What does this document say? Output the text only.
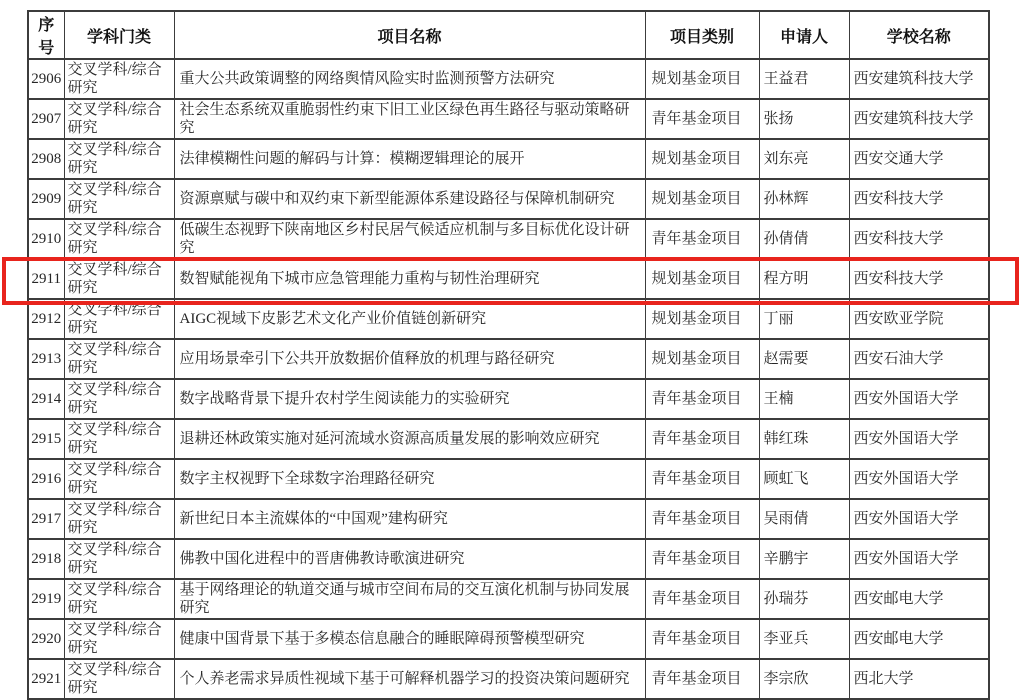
序号	学科门类	项目名称	项目类别	申请人	学校名称
2906	交叉学科/综合研究	重大公共政策调整的网络舆情风险实时监测预警方法研究	规划基金项目	王益君	西安建筑科技大学
2907	交叉学科/综合研究	社会生态系统双重脆弱性约束下旧工业区绿色再生路径与驱动策略研究	青年基金项目	张扬	西安建筑科技大学
2908	交叉学科/综合研究	法律模糊性问题的解码与计算：模糊逻辑理论的展开	规划基金项目	刘东亮	西安交通大学
2909	交叉学科/综合研究	资源禀赋与碳中和双约束下新型能源体系建设路径与保障机制研究	规划基金项目	孙林辉	西安科技大学
2910	交叉学科/综合研究	低碳生态视野下陕南地区乡村民居气候适应机制与多目标优化设计研究	青年基金项目	孙倩倩	西安科技大学
2911	交叉学科/综合研究	数智赋能视角下城市应急管理能力重构与韧性治理研究	规划基金项目	程方明	西安科技大学
2912	交叉学科/综合研究	AIGC视域下皮影艺术文化产业价值链创新研究	规划基金项目	丁丽	西安欧亚学院
2913	交叉学科/综合研究	应用场景牵引下公共开放数据价值释放的机理与路径研究	规划基金项目	赵需要	西安石油大学
2914	交叉学科/综合研究	数字战略背景下提升农村学生阅读能力的实验研究	青年基金项目	王楠	西安外国语大学
2915	交叉学科/综合研究	退耕还林政策实施对延河流域水资源高质量发展的影响效应研究	青年基金项目	韩红珠	西安外国语大学
2916	交叉学科/综合研究	数字主权视野下全球数字治理路径研究	青年基金项目	顾虹飞	西安外国语大学
2917	交叉学科/综合研究	新世纪日本主流媒体的“中国观”建构研究	青年基金项目	吴雨倩	西安外国语大学
2918	交叉学科/综合研究	佛教中国化进程中的晋唐佛教诗歌演进研究	青年基金项目	辛鹏宇	西安外国语大学
2919	交叉学科/综合研究	基于网络理论的轨道交通与城市空间布局的交互演化机制与协同发展研究	青年基金项目	孙瑞芬	西安邮电大学
2920	交叉学科/综合研究	健康中国背景下基于多模态信息融合的睡眠障碍预警模型研究	青年基金项目	李亚兵	西安邮电大学
2921	交叉学科/综合研究	个人养老需求异质性视域下基于可解释机器学习的投资决策问题研究	青年基金项目	李宗欣	西北大学
